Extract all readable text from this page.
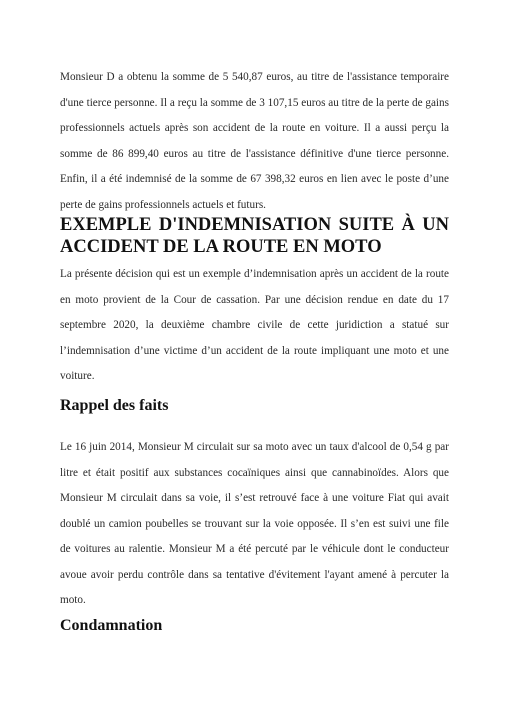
Monsieur D a obtenu la somme de 5 540,87 euros, au titre de l'assistance temporaire d'une tierce personne. Il a reçu la somme de 3 107,15 euros au titre de la perte de gains professionnels actuels après son accident de la route en voiture. Il a aussi perçu la somme de 86 899,40 euros au titre de l'assistance définitive d'une tierce personne. Enfin, il a été indemnisé de la somme de 67 398,32 euros en lien avec le poste d’une perte de gains professionnels actuels et futurs.

EXEMPLE D'INDEMNISATION SUITE À UN ACCIDENT DE LA ROUTE EN MOTO

La présente décision qui est un exemple d’indemnisation après un accident de la route en moto provient de la Cour de cassation. Par une décision rendue en date du 17 septembre 2020, la deuxième chambre civile de cette juridiction a statué sur l’indemnisation d’une victime d’un accident de la route impliquant une moto et une voiture.

Rappel des faits

Le 16 juin 2014, Monsieur M circulait sur sa moto avec un taux d'alcool de 0,54 g par litre et était positif aux substances cocaïniques ainsi que cannabinoïdes. Alors que Monsieur M circulait dans sa voie, il s’est retrouvé face à une voiture Fiat qui avait doublé un camion poubelles se trouvant sur la voie opposée. Il s’en est suivi une file de voitures au ralentie. Monsieur M a été percuté par le véhicule dont le conducteur avoue avoir perdu contrôle dans sa tentative d'évitement l'ayant amené à percuter la moto.

Condamnation
